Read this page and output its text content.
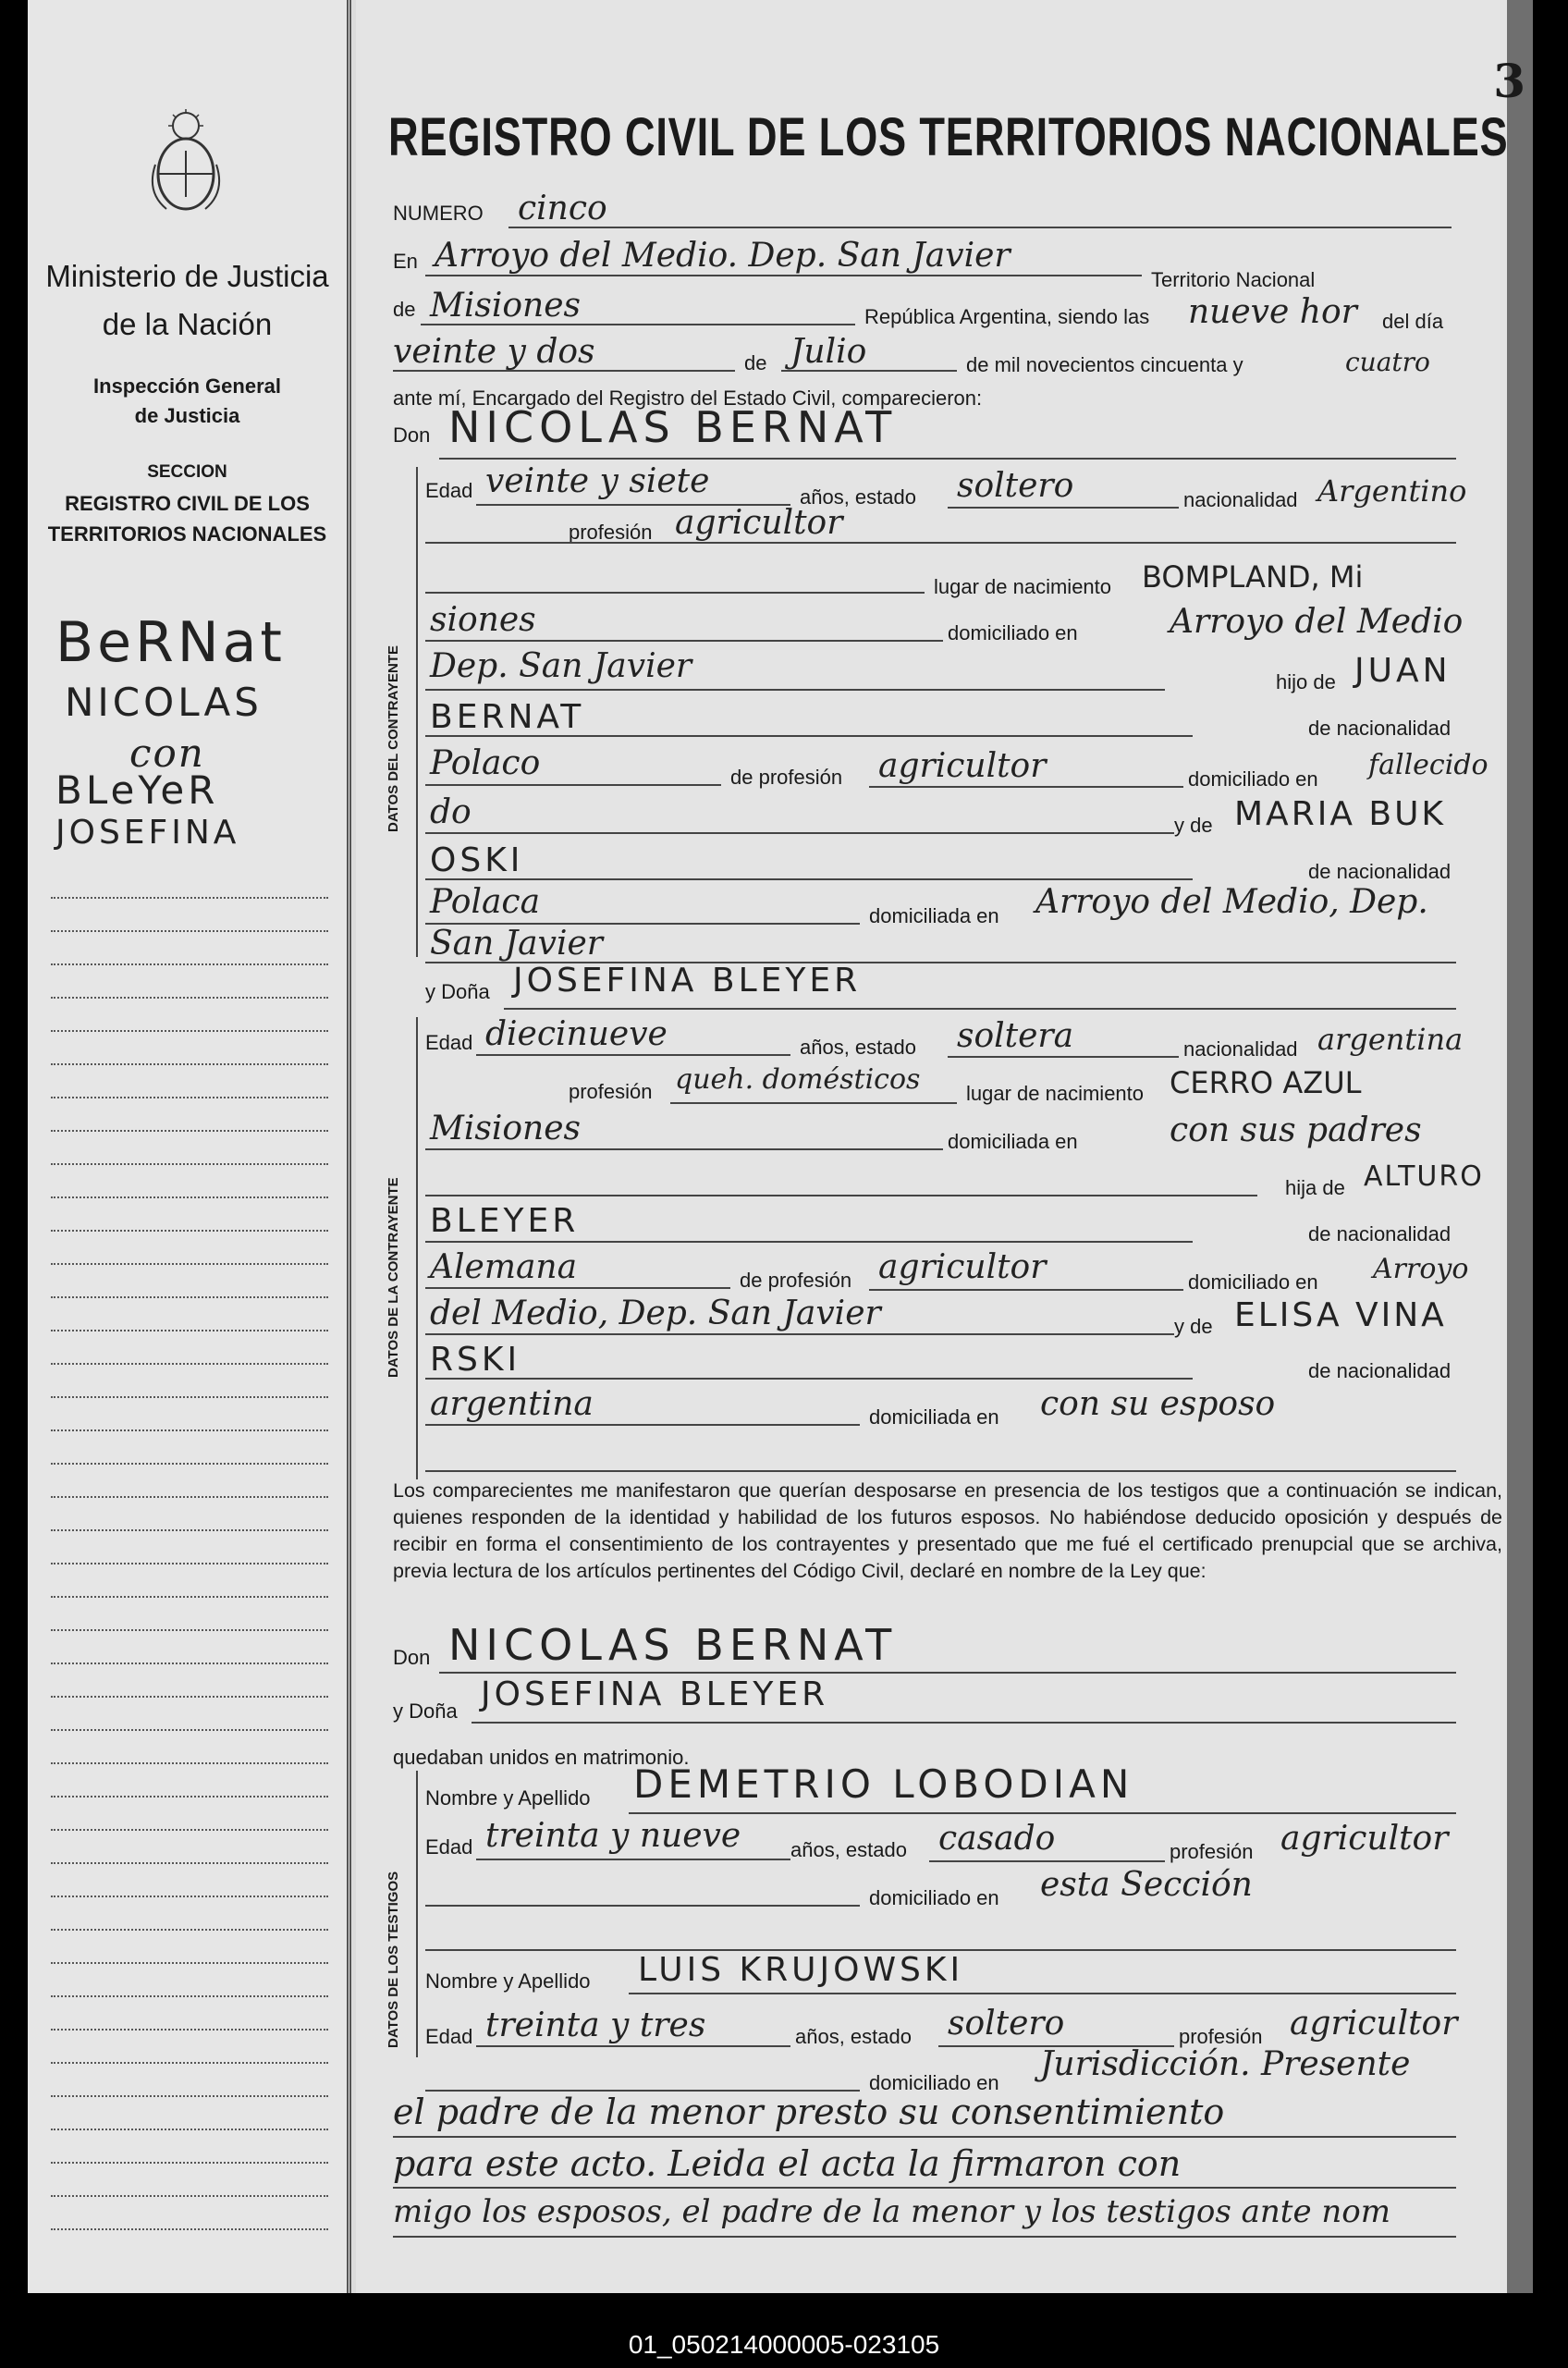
Ministerio de Justicia
de la Nación
Inspección General
de Justicia
SECCION
REGISTRO CIVIL DE LOS
TERRITORIOS NACIONALES
BeRNat
NICOLAS
con
BLeYeR
JOSEFINA
REGISTRO CIVIL DE LOS TERRITORIOS NACIONALES
NUMERO cinco
En Arroyo del Medio. Dep. San Javier
Territorio Nacional
de Misiones	República Argentina, siendo las nueve hor del día
veinte y dos	de Julio	de mil novecientos cincuenta y	cuatro
ante mí, Encargado del Registro del Estado Civil, comparecieron:
Don NICOLAS BERNAT
DATOS DEL CONTRAYENTE
Edad veinte y siete	años, estado soltero	nacionalidad Argentino
profesión agricultor
lugar de nacimiento BOMPLAND, Mi
siones	domiciliado en	Arroyo del Medio
Dep. San Javier	hijo de JUAN
BERNAT	de nacionalidad
Polaco	de profesión agricultor	domiciliado en fallecido
do	y de MARIA BUK
OSKI	de nacionalidad
Polaca	domiciliada en Arroyo del Medio, Dep.
San Javier
y Doña JOSEFINA BLEYER
DATOS DE LA CONTRAYENTE
Edad diecinueve	años, estado soltera	nacionalidad argentina
profesión queh. domésticos lugar de nacimiento CERRO AZUL
Misiones	domiciliada en	con sus padres
hija de ALTURO
BLEYER	de nacionalidad
Alemana	de profesión agricultor	domiciliado en Arroyo
del Medio, Dep. San Javier	y de ELISA VINA
RSKI	de nacionalidad
argentina	domiciliada en con su esposo
Los comparecientes me manifestaron que querían desposarse en presencia de los testigos que a continuación se indican, quienes responden de la identidad y habilidad de los futuros esposos. No habiéndose deducido oposición y después de recibir en forma el consentimiento de los contrayentes y presentado que me fué el certificado prenupcial que se archiva, previa lectura de los artículos pertinentes del Código Civil, declaré en nombre de la Ley que:
Don NICOLAS BERNAT
y Doña JOSEFINA BLEYER
quedaban unidos en matrimonio.
DATOS DE LOS TESTIGOS
Nombre y Apellido DEMETRIO LOBODIAN
Edad treinta y nueve años, estado casado	profesión agricultor
domiciliado en esta Sección
Nombre y Apellido LUIS KRUJOWSKI
Edad treinta y tres	años, estado soltero	profesión agricultor
domiciliado en Jurisdicción. Presente
el padre de la menor presto su consentimiento
para este acto. Leida el acta la firmaron con
migo los esposos, el padre de la menor y los testigos ante nom
3
01_050214000005-023105
